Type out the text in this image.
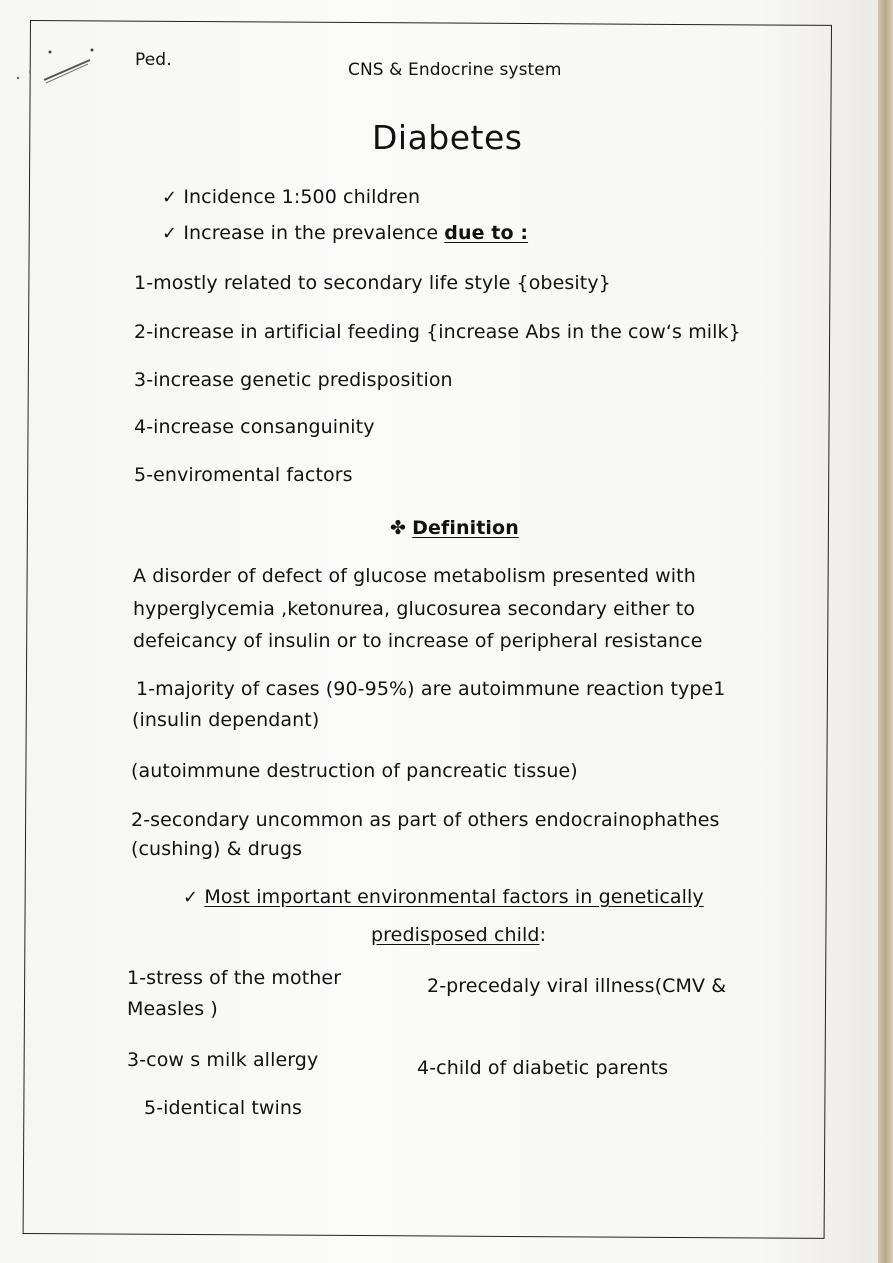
Ped.	CNS & Endocrine system
Diabetes
✓ Incidence 1:500 children
✓ Increase in the prevalence due to :
1-mostly related to secondary life style {obesity}
2-increase in artificial feeding {increase Abs in the cow‘s milk}
3-increase genetic predisposition
4-increase consanguinity
5-enviromental factors
✤ Definition
A disorder of defect of glucose metabolism presented with
hyperglycemia ,ketonurea, glucosurea secondary either to
defeicancy of insulin or to increase of peripheral resistance
1-majority of cases (90-95%) are autoimmune reaction type1
(insulin dependant)
(autoimmune destruction of pancreatic tissue)
2-secondary uncommon as part of others endocrainophathes
(cushing) & drugs
✓ Most important environmental factors in genetically
predisposed child:
1-stress of the mother
Measles )
2-precedaly viral illness(CMV &
3-cow s milk allergy	4-child of diabetic parents
5-identical twins
